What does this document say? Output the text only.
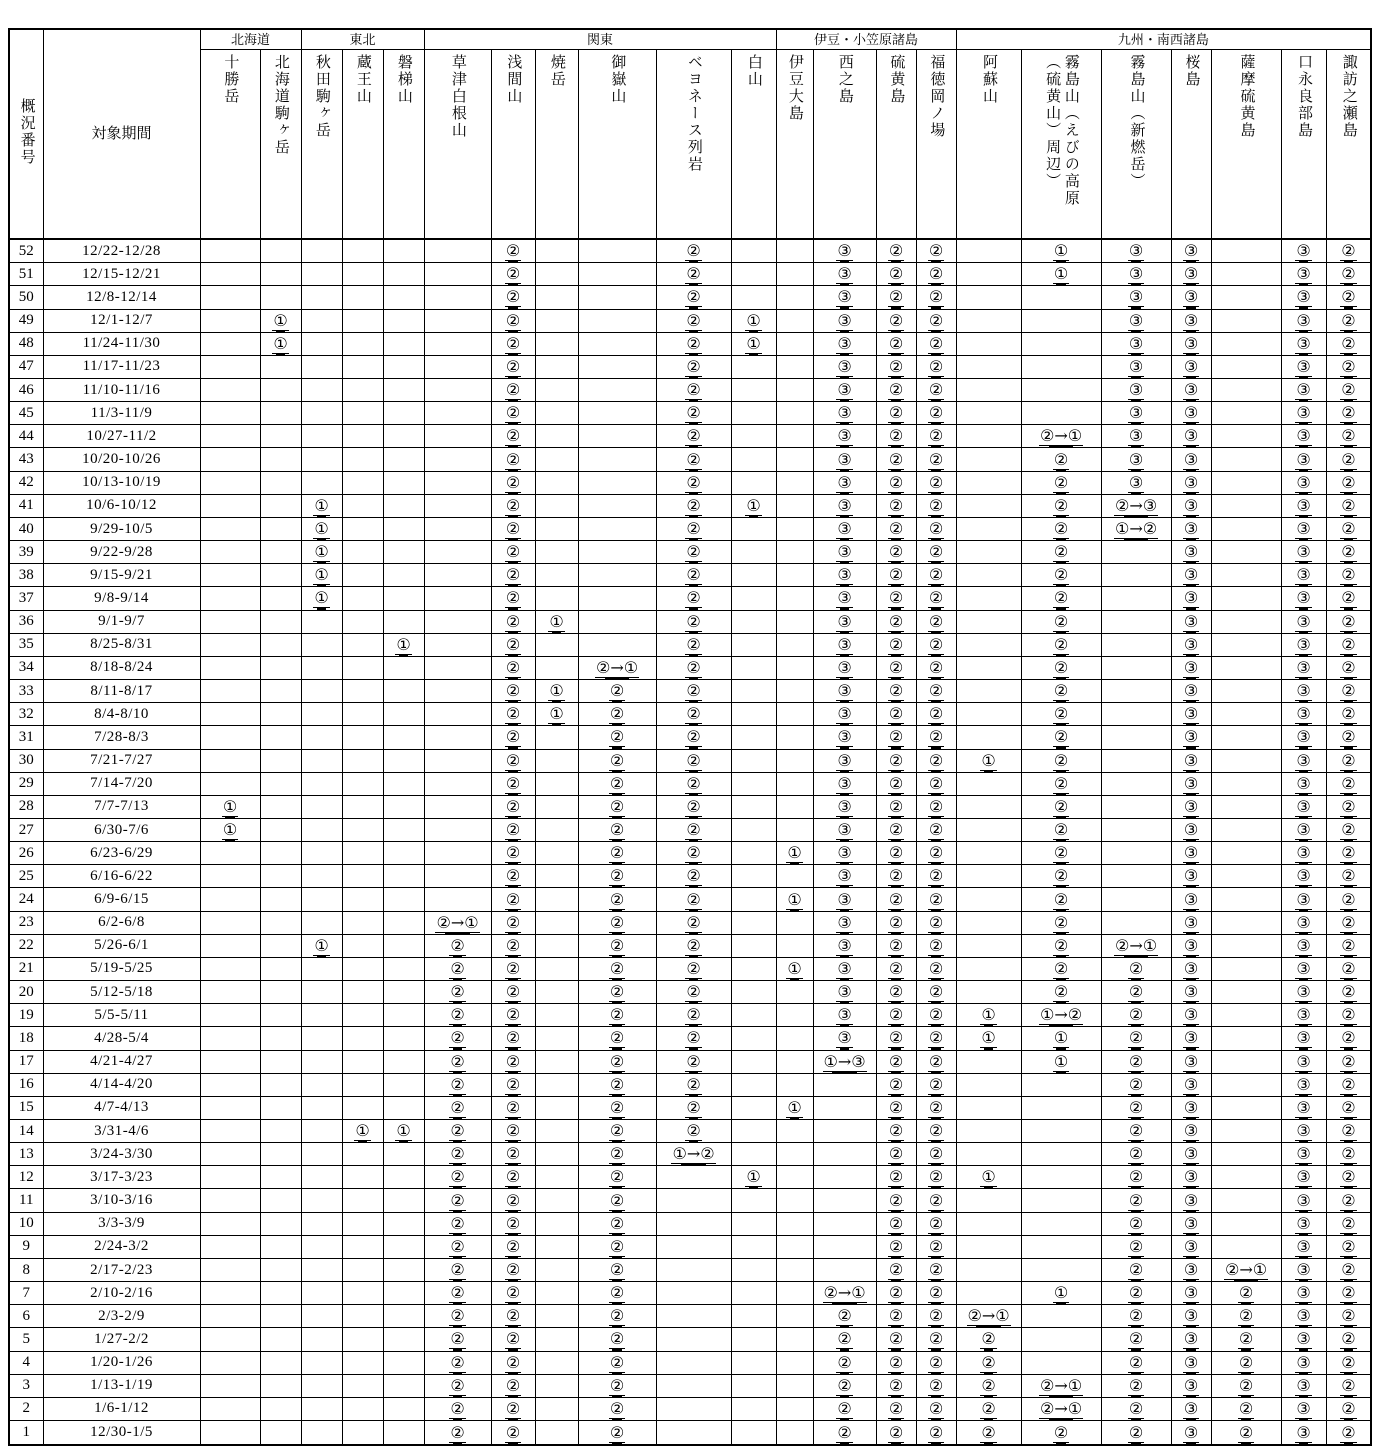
概況番号	対象期間	北海道		東北			関東						伊豆・小笠原諸島				九州・南西諸島						
		十勝岳	北海道駒ヶ岳	秋田駒ヶ岳	蔵王山	磐梯山	草津白根山	浅間山	焼岳	御嶽山	ベヨネース列岩	白山	伊豆大島	西之島	硫黄島	福徳岡ノ場	阿蘇山	霧島山（えびの高原（硫黄山）周辺）	霧島山（新燃岳）	桜島	薩摩硫黄島	口永良部島	諏訪之瀬島
52	12/22-12/28							②			②			③	②	②		①	③	③		③	②
51	12/15-12/21							②			②			③	②	②		①	③	③		③	②
50	12/8-12/14							②			②			③	②	②			③	③		③	②
49	12/1-12/7		①					②			②	①		③	②	②			③	③		③	②
48	11/24-11/30		①					②			②	①		③	②	②			③	③		③	②
47	11/17-11/23							②			②			③	②	②			③	③		③	②
46	11/10-11/16							②			②			③	②	②			③	③		③	②
45	11/3-11/9							②			②			③	②	②			③	③		③	②
44	10/27-11/2							②			②			③	②	②		②→①	③	③		③	②
43	10/20-10/26							②			②			③	②	②		②	③	③		③	②
42	10/13-10/19							②			②			③	②	②		②	③	③		③	②
41	10/6-10/12			①				②			②	①		③	②	②		②	②→③	③		③	②
40	9/29-10/5			①				②			②			③	②	②		②	①→②	③		③	②
39	9/22-9/28			①				②			②			③	②	②		②		③		③	②
38	9/15-9/21			①				②			②			③	②	②		②		③		③	②
37	9/8-9/14			①				②			②			③	②	②		②		③		③	②
36	9/1-9/7							②	①		②			③	②	②		②		③		③	②
35	8/25-8/31					①		②			②			③	②	②		②		③		③	②
34	8/18-8/24							②		②→①	②			③	②	②		②		③		③	②
33	8/11-8/17							②	①	②	②			③	②	②		②		③		③	②
32	8/4-8/10							②	①	②	②			③	②	②		②		③		③	②
31	7/28-8/3							②		②	②			③	②	②		②		③		③	②
30	7/21-7/27							②		②	②			③	②	②	①	②		③		③	②
29	7/14-7/20							②		②	②			③	②	②		②		③		③	②
28	7/7-7/13	①						②		②	②			③	②	②		②		③		③	②
27	6/30-7/6	①						②		②	②			③	②	②		②		③		③	②
26	6/23-6/29							②		②	②		①	③	②	②		②		③		③	②
25	6/16-6/22							②		②	②			③	②	②		②		③		③	②
24	6/9-6/15							②		②	②		①	③	②	②		②		③		③	②
23	6/2-6/8						②→①	②		②	②			③	②	②		②		③		③	②
22	5/26-6/1			①			②	②		②	②			③	②	②		②	②→①	③		③	②
21	5/19-5/25						②	②		②	②		①	③	②	②		②	②	③		③	②
20	5/12-5/18						②	②		②	②			③	②	②		②	②	③		③	②
19	5/5-5/11						②	②		②	②			③	②	②	①	①→②	②	③		③	②
18	4/28-5/4						②	②		②	②			③	②	②	①	①	②	③		③	②
17	4/21-4/27						②	②		②	②			①→③	②	②		①	②	③		③	②
16	4/14-4/20						②	②		②	②				②	②			②	③		③	②
15	4/7-4/13						②	②		②	②		①		②	②			②	③		③	②
14	3/31-4/6				①	①	②	②		②	②				②	②			②	③		③	②
13	3/24-3/30						②	②		②	①→②				②	②			②	③		③	②
12	3/17-3/23						②	②		②		①			②	②	①		②	③		③	②
11	3/10-3/16						②	②		②					②	②			②	③		③	②
10	3/3-3/9						②	②		②					②	②			②	③		③	②
9	2/24-3/2						②	②		②					②	②			②	③		③	②
8	2/17-2/23						②	②		②					②	②			②	③	②→①	③	②
7	2/10-2/16						②	②		②				②→①	②	②		①	②	③	②	③	②
6	2/3-2/9						②	②		②				②	②	②	②→①		②	③	②	③	②
5	1/27-2/2						②	②		②				②	②	②	②		②	③	②	③	②
4	1/20-1/26						②	②		②				②	②	②	②		②	③	②	③	②
3	1/13-1/19						②	②		②				②	②	②	②	②→①	②	③	②	③	②
2	1/6-1/12						②	②		②				②	②	②	②	②→①	②	③	②	③	②
1	12/30-1/5						②	②		②				②	②	②	②	②	②	③	②	③	②
